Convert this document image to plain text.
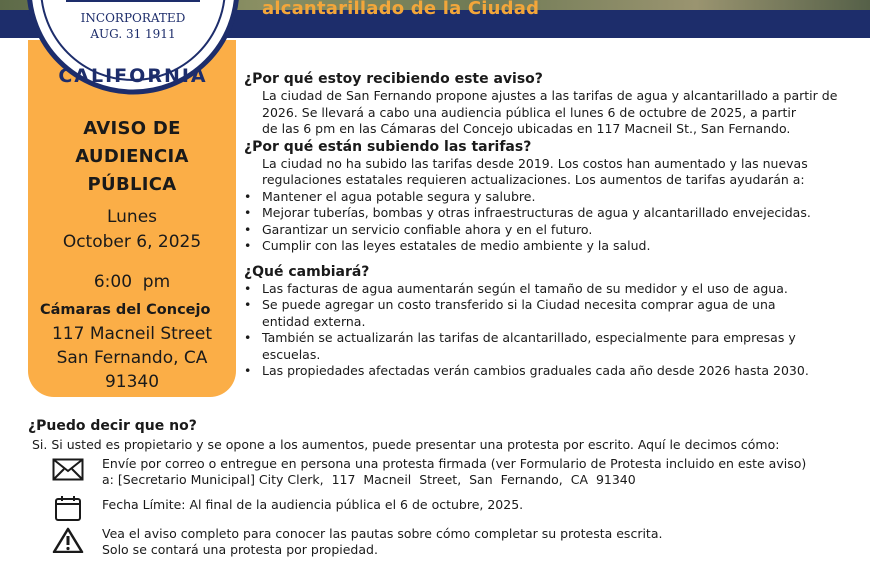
alcantarillado de la Ciudad
AVISO DE
AUDIENCIA
PÚBLICA
Lunes
October 6, 2025
6:00  pm
Cámaras del Concejo
117 Macneil Street
San Fernando, CA
91340
INCORPORATED
AUG. 31 1911
CALIFORNIA	¿Por qué estoy recibiendo este aviso?

La ciudad de San Fernando propone ajustes a las tarifas de agua y alcantarillado a partir de

2026. Se llevará a cabo una audiencia pública el lunes 6 de octubre de 2025, a partir

de las 6 pm en las Cámaras del Concejo ubicadas en 117 Macneil St., San Fernando.

¿Por qué están subiendo las tarifas?

La ciudad no ha subido las tarifas desde 2019. Los costos han aumentado y las nuevas

regulaciones estatales requieren actualizaciones. Los aumentos de tarifas ayudarán a:

• Mantener el agua potable segura y salubre.
• Mejorar tuberías, bombas y otras infraestructuras de agua y alcantarillado envejecidas.
• Garantizar un servicio confiable ahora y en el futuro.
• Cumplir con las leyes estatales de medio ambiente y la salud.
¿Qué cambiará?
• Las facturas de agua aumentarán según el tamaño de su medidor y el uso de agua.
• Se puede agregar un costo transferido si la Ciudad necesita comprar agua de una entidad externa.
• También se actualizarán las tarifas de alcantarillado, especialmente para empresas y escuelas.
• Las propiedades afectadas verán cambios graduales cada año desde 2026 hasta 2030.
¿Puedo decir que no?
Si. Si usted es propietario y se opone a los aumentos, puede presentar una protesta por escrito. Aquí le decimos cómo:
Envíe por correo o entregue en persona una protesta firmada (ver Formulario de Protesta incluido en este aviso)
a: [Secretario Municipal] City Clerk,  117  Macneil  Street,  San  Fernando,  CA  91340
Fecha Límite: Al final de la audiencia pública el 6 de octubre, 2025.
Vea el aviso completo para conocer las pautas sobre cómo completar su protesta escrita.
Solo se contará una protesta por propiedad.
